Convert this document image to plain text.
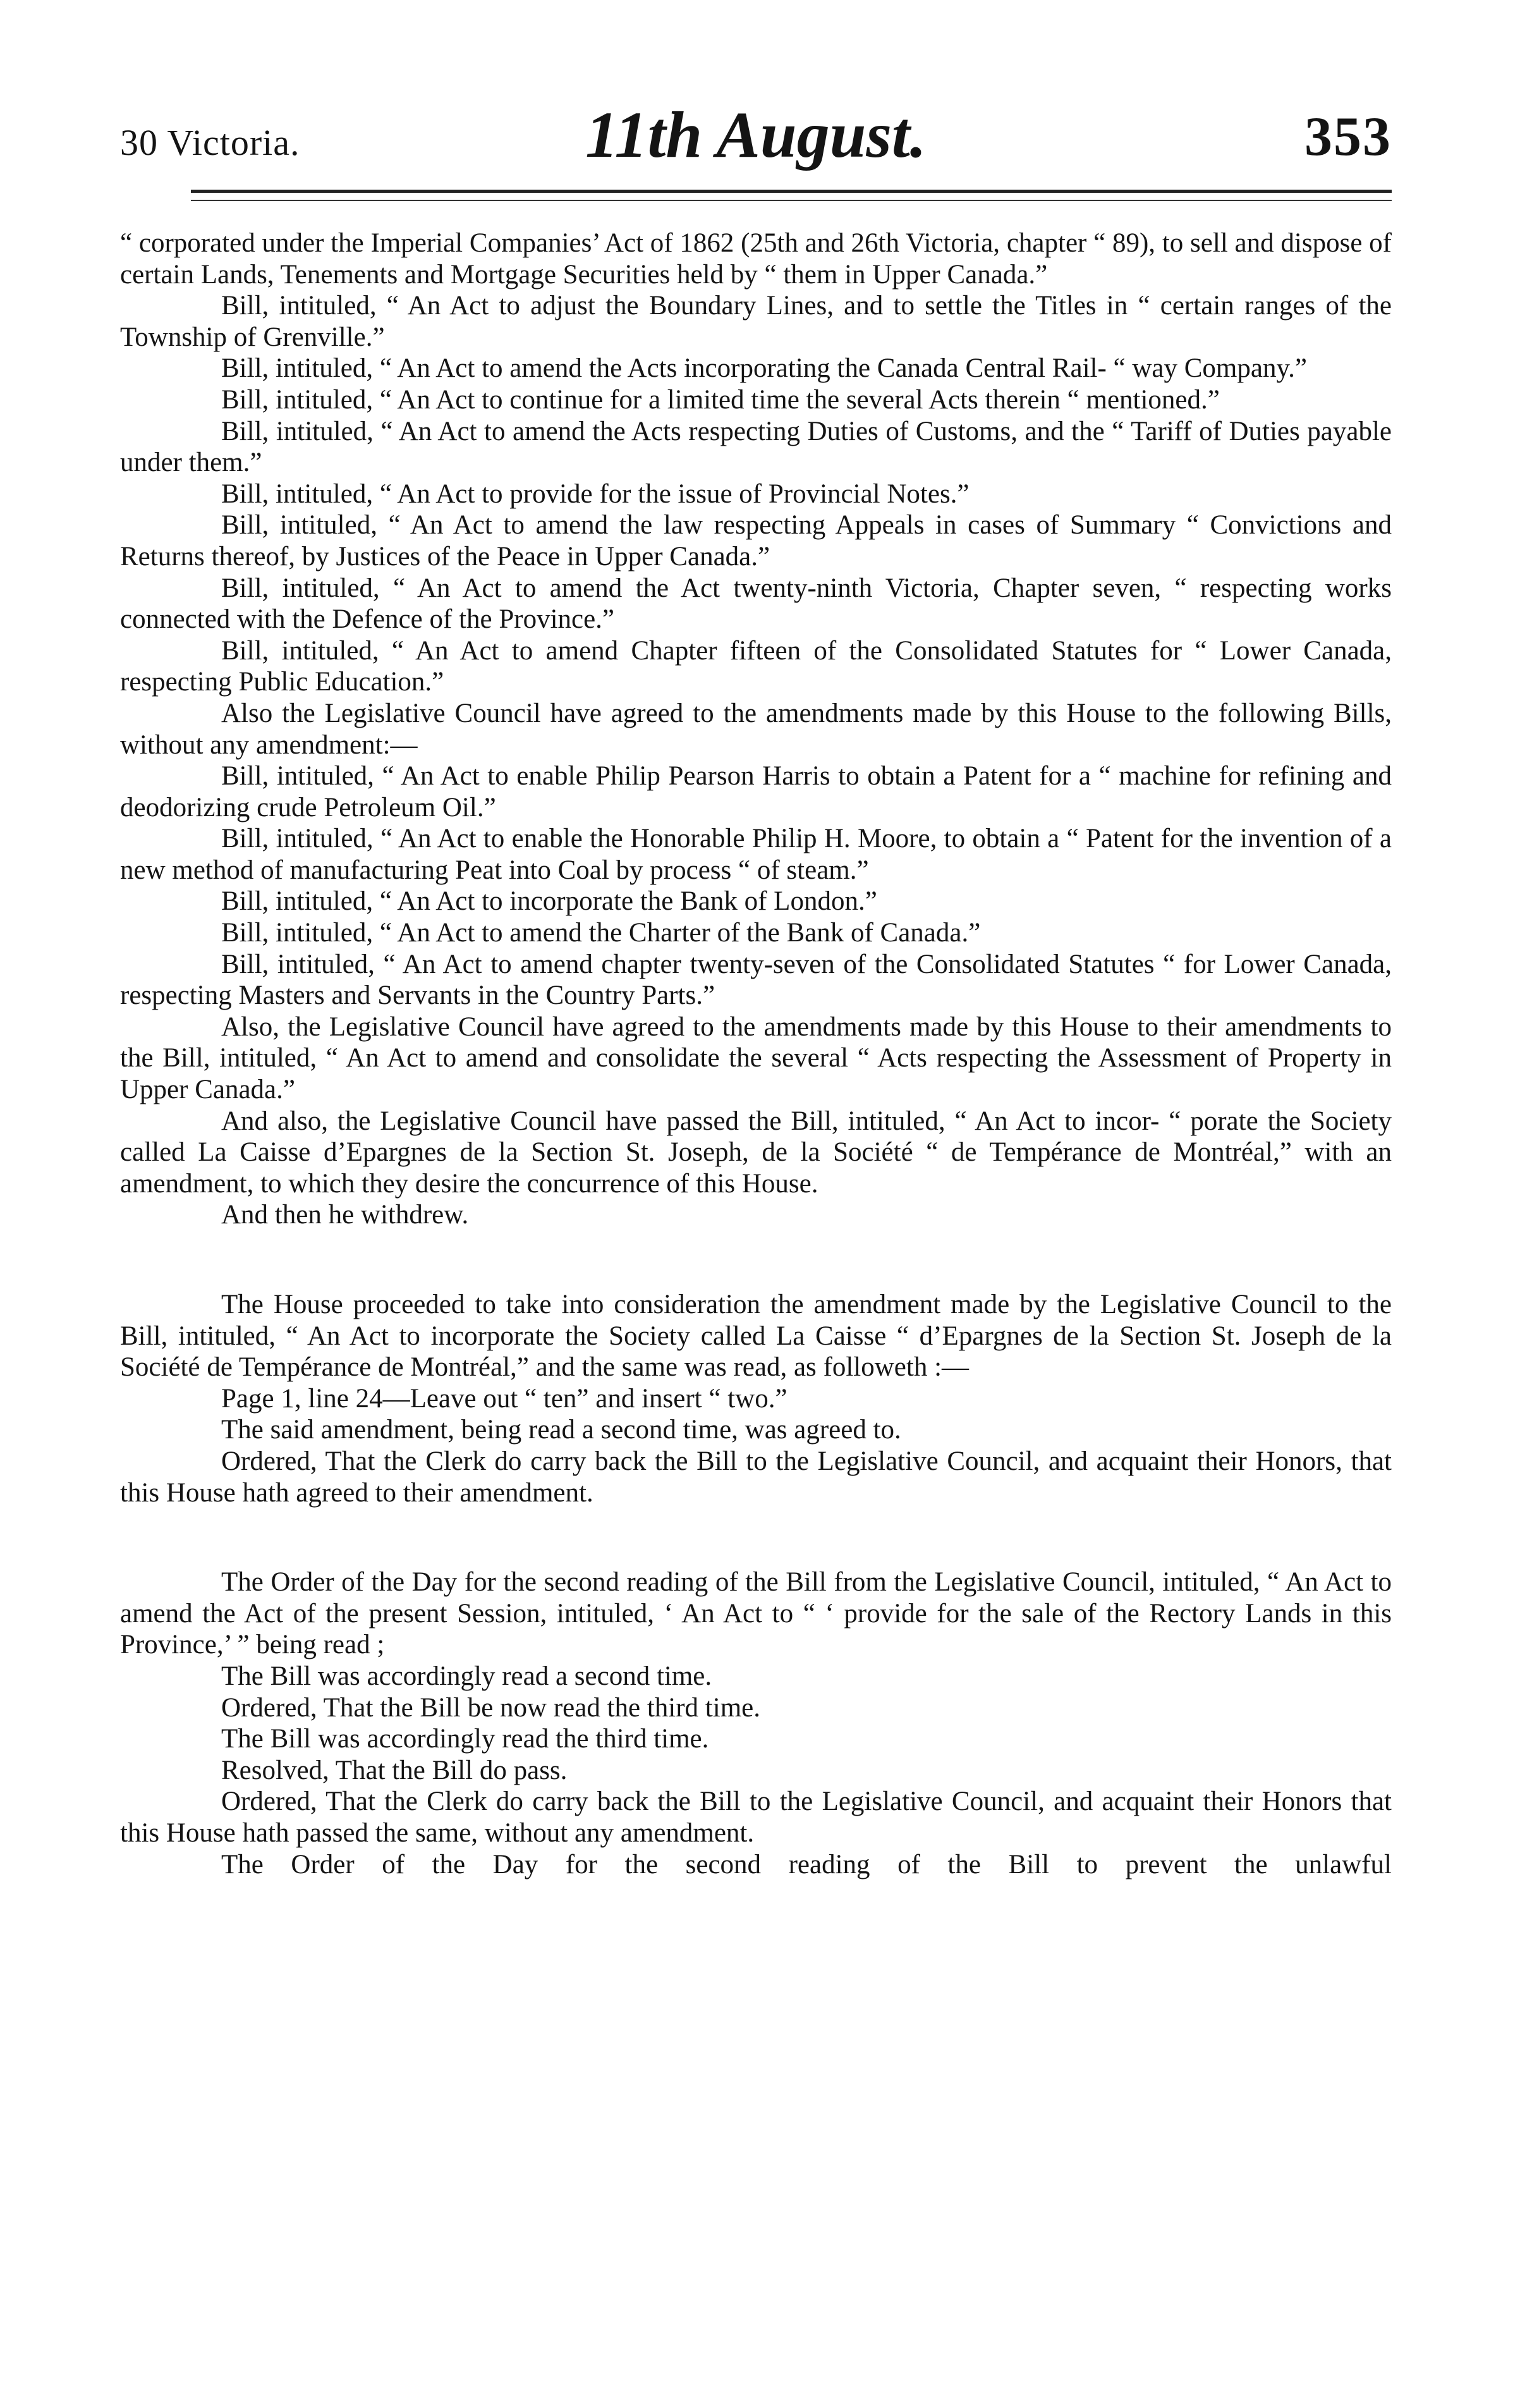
30 Victoria.	11th August.	353

“ corporated under the Imperial Companies’ Act of 1862 (25th and 26th Victoria, chapter “ 89), to sell and dispose of certain Lands, Tenements and Mortgage Securities held by “ them in Upper Canada.”

Bill, intituled, “ An Act to adjust the Boundary Lines, and to settle the Titles in “ certain ranges of the Township of Grenville.”

Bill, intituled, “ An Act to amend the Acts incorporating the Canada Central Rail- “ way Company.”

Bill, intituled, “ An Act to continue for a limited time the several Acts therein “ mentioned.”

Bill, intituled, “ An Act to amend the Acts respecting Duties of Customs, and the “ Tariff of Duties payable under them.”

Bill, intituled, “ An Act to provide for the issue of Provincial Notes.”

Bill, intituled, “ An Act to amend the law respecting Appeals in cases of Summary “ Convictions and Returns thereof, by Justices of the Peace in Upper Canada.”

Bill, intituled, “ An Act to amend the Act twenty-ninth Victoria, Chapter seven, “ respecting works connected with the Defence of the Province.”

Bill, intituled, “ An Act to amend Chapter fifteen of the Consolidated Statutes for “ Lower Canada, respecting Public Education.”

Also the Legislative Council have agreed to the amendments made by this House to the following Bills, without any amendment:—

Bill, intituled, “ An Act to enable Philip Pearson Harris to obtain a Patent for a “ machine for refining and deodorizing crude Petroleum Oil.”

Bill, intituled, “ An Act to enable the Honorable Philip H. Moore, to obtain a “ Patent for the invention of a new method of manufacturing Peat into Coal by process “ of steam.”

Bill, intituled, “ An Act to incorporate the Bank of London.”

Bill, intituled, “ An Act to amend the Charter of the Bank of Canada.”

Bill, intituled, “ An Act to amend chapter twenty-seven of the Consolidated Statutes “ for Lower Canada, respecting Masters and Servants in the Country Parts.”

Also, the Legislative Council have agreed to the amendments made by this House to their amendments to the Bill, intituled, “ An Act to amend and consolidate the several “ Acts respecting the Assessment of Property in Upper Canada.”

And also, the Legislative Council have passed the Bill, intituled, “ An Act to incor- “ porate the Society called La Caisse d’Epargnes de la Section St. Joseph, de la Société “ de Tempérance de Montréal,” with an amendment, to which they desire the concurrence of this House.

And then he withdrew.

The House proceeded to take into consideration the amendment made by the Legislative Council to the Bill, intituled, “ An Act to incorporate the Society called La Caisse “ d’Epargnes de la Section St. Joseph de la Société de Tempérance de Montréal,” and the same was read, as followeth :—

Page 1, line 24—Leave out “ ten” and insert “ two.”

The said amendment, being read a second time, was agreed to.

Ordered, That the Clerk do carry back the Bill to the Legislative Council, and acquaint their Honors, that this House hath agreed to their amendment.

The Order of the Day for the second reading of the Bill from the Legislative Council, intituled, “ An Act to amend the Act of the present Session, intituled, ‘ An Act to “ ‘ provide for the sale of the Rectory Lands in this Province,’ ” being read ;

The Bill was accordingly read a second time.

Ordered, That the Bill be now read the third time.

The Bill was accordingly read the third time.

Resolved, That the Bill do pass.

Ordered, That the Clerk do carry back the Bill to the Legislative Council, and acquaint their Honors that this House hath passed the same, without any amendment.

The Order of the Day for the second reading of the Bill to prevent the unlawful
